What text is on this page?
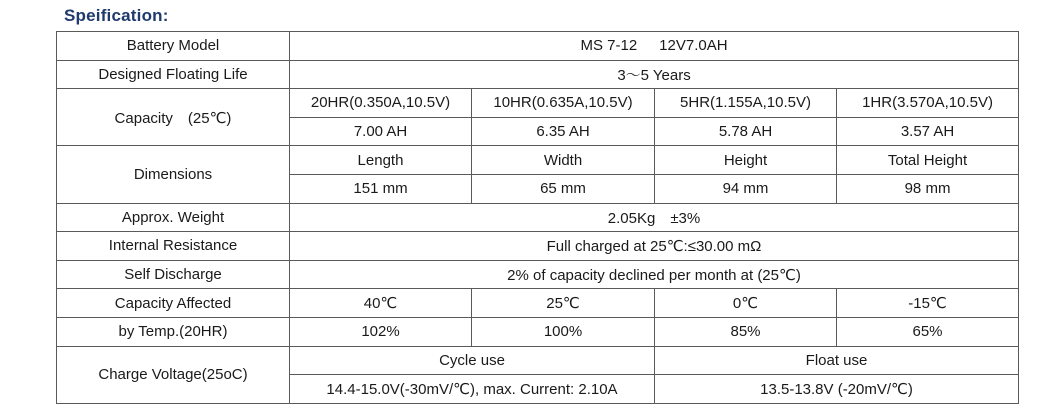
Speification:
Battery Model	MS 7-12 12V7.0AH			
Designed Floating Life	3～5 Years			
Capacity　(25℃)	20HR(0.350A,10.5V)	10HR(0.635A,10.5V)	5HR(1.155A,10.5V)	1HR(3.570A,10.5V)
	7.00 AH	6.35 AH	5.78 AH	3.57 AH
Dimensions	Length	Width	Height	Total Height
	151 mm	65 mm	94 mm	98 mm
Approx. Weight	2.05Kg　±3%			
Internal Resistance	Full charged at 25℃:≤30.00 mΩ			
Self Discharge	2% of capacity declined per month at (25℃)			
Capacity Affected	40℃	25℃	0℃	-15℃
by Temp.(20HR)	102%	100%	85%	65%
Charge Voltage(25oC)	Cycle use		Float use	
	14.4-15.0V(-30mV/℃), max. Current: 2.10A		13.5-13.8V (-20mV/℃)	
